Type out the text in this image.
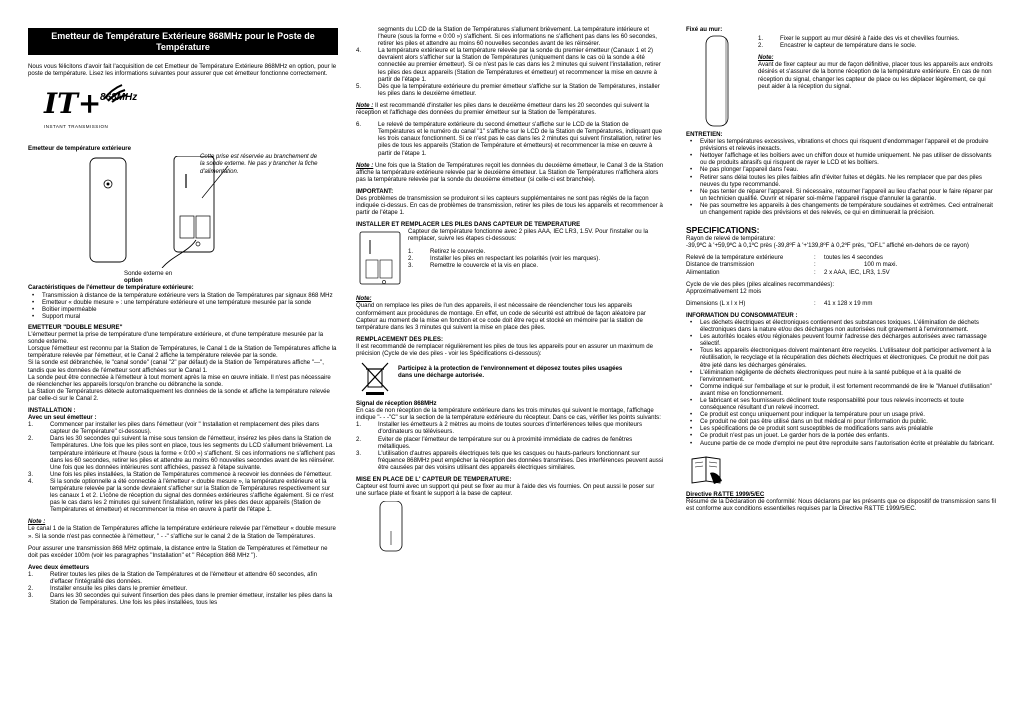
Emetteur de Température Extérieure 868MHz pour le Poste de Température

Nous vous félicitons d'avoir fait l'acquisition de cet Emetteur de Température Extérieure 868MHz en option, pour le poste de température. Lisez les informations suivantes pour assurer que cet émetteur fonctionne correctement.

IT+
868MHz
INSTANT TRANSMISSION

Emetteur de température extérieure

Cette prise est réservée au branchement de la sonde externe. Ne pas y brancher la fiche d'alimentation.

Sonde externe en

option

Caractéristiques de l'émetteur de température extérieure:

•	Transmission à distance de la température extérieure vers la Station de Températures par signaux 868 MHz
•	Emetteur « double mesure » : une température extérieure et une température mesurée par la sonde
•	Boîtier imperméable
•	Support mural

EMETTEUR "DOUBLE MESURE"

L'émetteur permet la prise de température d'une température extérieure, et d'une température mesurée par la sonde externe.
Lorsque l'émetteur est reconnu par la Station de Températures, le Canal 1 de la Station de Températures affiche la température relevée par l'émetteur, et le Canal 2 affiche la température relevée par la sonde.
Si la sonde est débranchée, le "canal sonde" (canal "2" par défaut) de la Station de Températures affiche "---", tandis que les données de l'émetteur sont affichées sur le Canal 1.
La sonde peut être connectée à l'émetteur à tout moment après la mise en œuvre initiale. Il n'est pas nécessaire de réenclencher les appareils lorsqu'on branche ou débranche la sonde.
La Station de Températures détecte automatiquement les données de la sonde et affiche la température relevée par celle-ci sur le Canal 2.

INSTALLATION :

Avec un seul émetteur :

1.	Commencer par installer les piles dans l'émetteur (voir " Installation et remplacement des piles dans capteur de Température" ci-dessous).
2.	Dans les 30 secondes qui suivent la mise sous tension de l'émetteur, insérez les piles dans la Station de Températures. Une fois que les piles sont en place, tous les segments du LCD s'allument brièvement. La température intérieure et l'heure (sous la forme « 0:00 ») s'affichent. Si ces informations ne s'affichent pas dans les 60 secondes, retirer les piles et attendre au moins 60 nouvelles secondes avant de les réinsérer. Une fois que les données intérieures sont affichées, passez à l'étape suivante.
3.	Une fois les piles installées, la Station de Températures commence à recevoir les données de l'émetteur.
4.	Si la sonde optionnelle a été connectée à l'émetteur « double mesure », la température extérieure et la température relevée par la sonde devraient s'afficher sur la Station de Températures respectivement sur les canaux 1 et 2. L'icône de réception du signal des données extérieures s'affiche également. Si ce n'est pas le cas dans les 2 minutes qui suivent l'installation, retirer les piles des deux appareils (Station de Températures et émetteur) et recommencer la mise en œuvre à partir de l'étape 1.

Note :

Le canal 1 de la Station de Températures affiche la température extérieure relevée par l'émetteur « double mesure ». Si la sonde n'est pas connectée à l'émetteur, " - -" s'affiche sur le canal 2 de la Station de Températures.

Pour assurer une transmission 868 MHz optimale, la distance entre la Station de Températures et l'émetteur ne doit pas excéder 100m (voir les paragraphes "Installation" et " Réception 868 MHz ").

Avec deux émetteurs

1.	Retirer toutes les piles de la Station de Températures et de l'émetteur et attendre 60 secondes, afin d'effacer l'intégralité des données.
2.	Installer ensuite les piles dans le premier émetteur.
3.	Dans les 30 secondes qui suivent l'insertion des piles dans le premier émetteur, installer les piles dans la Station de Températures. Une fois les piles installées, tous les

segments du LCD de la Station de Températures s'allument brièvement. La température intérieure et l'heure (sous la forme « 0:00 ») s'affichent. Si ces informations ne s'affichent pas dans les 60 secondes, retirer les piles et attendre au moins 60 nouvelles secondes avant de les réinsérer.

4.	La température extérieure et la température relevée par la sonde du premier émetteur (Canaux 1 et 2) devraient alors s'afficher sur la Station de Températures (uniquement dans le cas où la sonde a été connectée au premier émetteur). Si ce n'est pas le cas dans les 2 minutes qui suivent l'installation, retirer les piles des deux appareils (Station de Températures et émetteur) et recommencer la mise en œuvre à partir de l'étape 1.
5.	Dès que la température extérieure du premier émetteur s'affiche sur la Station de Températures, installer les piles dans le deuxième émetteur.

Note : Il est recommandé d'installer les piles dans le deuxième émetteur dans les 20 secondes qui suivent la réception et l'affichage des données du premier émetteur sur la Station de Températures.

6.	Le relevé de température extérieure du second émetteur s'affiche sur le LCD de la Station de Températures et le numéro du canal "1" s'affiche sur le LCD de la Station de Températures, indiquant que les trois canaux fonctionnent. Si ce n'est pas le cas dans les 2 minutes qui suivent l'installation, retirer les piles de tous les appareils (Station de Température et émetteurs) et recommencer la mise en œuvre à partir de l'étape 1.

Note : Une fois que la Station de Températures reçoit les données du deuxième émetteur, le Canal 3 de la Station affiche la température extérieure relevée par le deuxième émetteur. La Station de Températures n'affichera alors pas la température relevée par la sonde du deuxième émetteur (si celle-ci est branchée).

IMPORTANT:

Des problèmes de transmission se produiront si les capteurs supplémentaires ne sont pas réglés de la façon indiquée ci-dessus. En cas de problèmes de transmission, retirer les piles de tous les appareils et recommencer à partir de l'étape 1.

INSTALLER ET REMPLACER LES PILES DANS CAPTEUR DE TEMPERATURE

Capteur de température fonctionne avec 2 piles AAA, IEC LR3, 1.5V. Pour l'installer ou la remplacer, suivre les étapes ci-dessous:

1.	Retirez le couvercle.
2.	Installer les piles en respectant les polarités (voir les marques).
3.	Remettre le couvercle et la vis en place.

Note:

Quand on remplace les piles de l'un des appareils, il est nécessaire de réenclencher tous les appareils conformément aux procédures de montage. En effet, un code de sécurité est attribué de façon aléatoire par Capteur au moment de la mise en fonction et ce code doit être reçu et stocké en mémoire par la station de température dans les 3 minutes qui suivent la mise en place des piles.

REMPLACEMENT DES PILES:

Il est recommandé de remplacer régulièrement les piles de tous les appareils pour en assurer un maximum de précision (Cycle de vie des piles - voir les Spécifications ci-dessous):

Participez à la protection de l'environnement et déposez toutes piles usagées dans une décharge autorisée.

Signal de réception 868MHz

En cas de non réception de la température extérieure dans les trois minutes qui suivent le montage, l'affichage indique "- - -"C" sur la section de la température extérieure du récepteur. Dans ce cas, vérifier les points suivants:

1.	Installer les émetteurs à 2 mètres au moins de toutes sources d'interférences telles que moniteurs d'ordinateurs ou téléviseurs.
2.	Eviter de placer l'émetteur de température sur ou à proximité immédiate de cadres de fenêtres métalliques.
3.	L'utilisation d'autres appareils électriques tels que les casques ou hauts-parleurs fonctionnant sur fréquence 868MHz peut empêcher la réception des données transmises. Des interférences peuvent aussi être causées par des voisins utilisant des appareils électriques similaires.

MISE EN PLACE DE L' CAPTEUR DE TEMPERATURE:

Capteur est fourni avec un support qui peut se fixer au mur à l'aide des vis fournies. On peut aussi le poser sur une surface plate et fixant le support à la base de capteur.

Fixé au mur:

1.	Fixer le support au mur désiré à l'aide des vis et chevilles fournies.
2.	Encastrer le capteur de température dans le socle.

Note:

Avant de fixer capteur au mur de façon définitive, placer tous les appareils aux endroits désirés et s'assurer de la bonne réception de la température extérieure. En cas de non réception du signal, changer les capteur de place ou les déplacer légèrement, ce qui peut aider à la réception du signal.

ENTRETIEN:

•	Eviter les températures excessives, vibrations et chocs qui risquent d'endommager l'appareil et de produire prévisions et relevés inexacts.
•	Nettoyer l'affichage et les boîtiers avec un chiffon doux et humide uniquement. Ne pas utiliser de dissolvants ou de produits abrasifs qui risquent de rayer le LCD et les boîtiers.
•	Ne pas plonger l'appareil dans l'eau.
•	Retirer sans délai toutes les piles faibles afin d'éviter fuites et dégâts. Ne les remplacer que par des piles neuves du type recommandé.
•	Ne pas tenter de réparer l'appareil. Si nécessaire, retourner l'appareil au lieu d'achat pour le faire réparer par un technicien qualifié. Ouvrir et réparer soi-même l'appareil risque d'annuler la garantie.
•	Ne pas soumettre les appareils à des changements de température soudaines et extrêmes. Ceci entraînerait un changement rapide des prévisions et des relevés, ce qui en diminuerait la précision.

SPECIFICATIONS:

Rayon de relevé de température:

-39,9ºC à '+59,9ºC à 0,1ºC près (-39,8ºF à '+'139,8ºF à 0,2ºF près, "OF.L" affiché en-dehors de ce rayon)

Relevé de la température extérieure	:	toutes les 4 secondes
Distance de transmission	:	100 m maxi.
Alimentation	:	2 x AAA, IEC, LR3, 1.5V

Cycle de vie des piles (piles alcalines recommandées):

Approximativement 12 mois

Dimensions (L x l x H)	:	41 x 128 x 19 mm

INFORMATION DU CONSOMMATEUR :

•	Les déchets électriques et électroniques contiennent des substances toxiques. L'élimination de déchets électroniques dans la nature et/ou des décharges non autorisées nuit gravement à l'environnement.
•	Les autorités locales et/ou régionales peuvent fournir l'adresse des décharges autorisées avec ramassage sélectif.
•	Tous les appareils électroniques doivent maintenant être recyclés. L'utilisateur doit participer activement à la réutilisation, le recyclage et la récupération des déchets électriques et électroniques. Ce produit ne doit pas être jeté dans les décharges générales.
•	L'élimination négligente de déchets électroniques peut nuire à la santé publique et à la qualité de l'environnement.
•	Comme indiqué sur l'emballage et sur le produit, il est fortement recommandé de lire le "Manuel d'utilisation" avant mise en fonctionnement.
•	Le fabricant et ses fournisseurs déclinent toute responsabilité pour tous relevés incorrects et toute conséquence résultant d'un relevé incorrect.
•	Ce produit est conçu uniquement pour indiquer la température pour un usage privé.
•	Ce produit ne doit pas être utilisé dans un but médical ni pour l'information du public.
•	Les spécifications de ce produit sont susceptibles de modifications sans avis préalable
•	Ce produit n'est pas un jouet. Le garder hors de la portée des enfants.
•	Aucune partie de ce mode d'emploi ne peut être reproduite sans l'autorisation écrite et préalable du fabricant.

Directive R&TTE 1999/5/EC

Résumé de la Déclaration de conformité: Nous déclarons par les présents que ce dispositif de transmission sans fil est conforme aux conditions essentielles requises par la Directive R&TTE 1999/5/EC.
